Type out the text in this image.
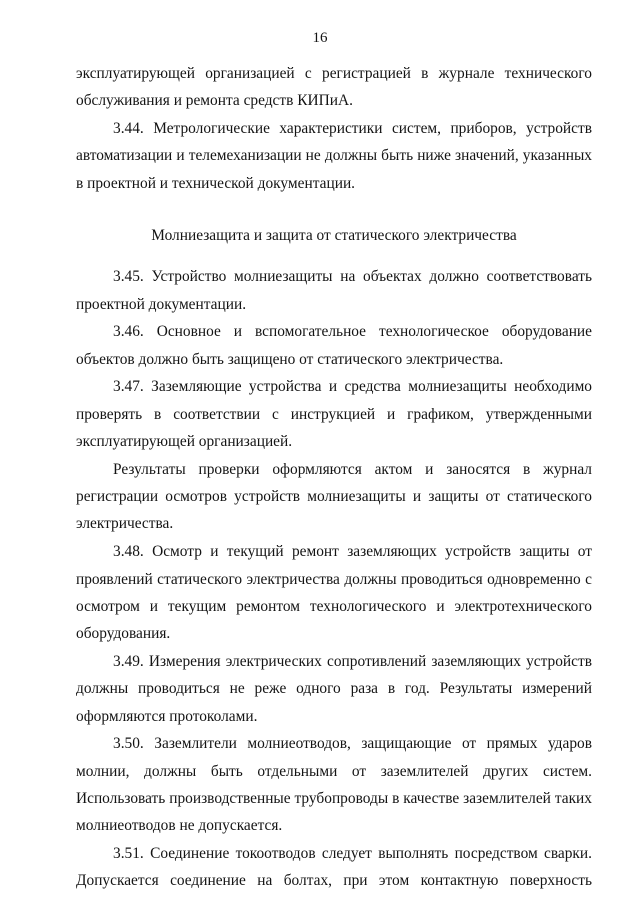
16

эксплуатирующей организацией с регистрацией в журнале технического обслуживания и ремонта средств КИПиА.

3.44. Метрологические характеристики систем, приборов, устройств автоматизации и телемеханизации не должны быть ниже значений, указанных в проектной и технической документации.

Молниезащита и защита от статического электричества

3.45. Устройство молниезащиты на объектах должно соответствовать проектной документации.

3.46. Основное и вспомогательное технологическое оборудование объектов должно быть защищено от статического электричества.

3.47. Заземляющие устройства и средства молниезащиты необходимо проверять в соответствии с инструкцией и графиком, утвержденными эксплуатирующей организацией.

Результаты проверки оформляются актом и заносятся в журнал регистрации осмотров устройств молниезащиты и защиты от статического электричества.

3.48. Осмотр и текущий ремонт заземляющих устройств защиты от проявлений статического электричества должны проводиться одновременно с осмотром и текущим ремонтом технологического и электротехнического оборудования.

3.49. Измерения электрических сопротивлений заземляющих устройств должны проводиться не реже одного раза в год. Результаты измерений оформляются протоколами.

3.50. Заземлители молниеотводов, защищающие от прямых ударов молнии, должны быть отдельными от заземлителей других систем. Использовать производственные трубопроводы в качестве заземлителей таких молниеотводов не допускается.

3.51. Соединение токоотводов следует выполнять посредством сварки. Допускается соединение на болтах, при этом контактную поверхность
